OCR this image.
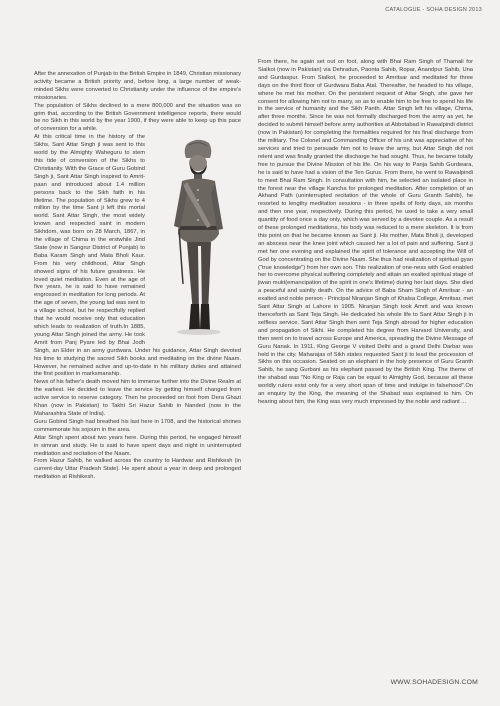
CATALOGUE - SOHA DESIGN 2013

After the annexation of Punjab to the British Empire in 1849, Christian missionary activity became a British priority and, before long, a large number of weak-minded Sikhs were converted to Christianity under the influence of the empire's missionaries.

The population of Sikhs declined to a mere 800,000 and the situation was so grim that, according to the British Government intelligence reports, there would be no Sikh in this world by the year 1900, if they were able to keep up this pace of conversion for a while.

At this critical time in the history of the Sikhs, Sant Attar Singh ji was sent to this world by the Almighty Waheguru to stem this tide of conversion of the Sikhs to Christianity. With the Grace of Guru Gobind Singh ji, Sant Attar Singh inspired to Amrit-paan and introduced about 1.4 million persons back to the Sikh faith in his lifetime. The population of Sikhs grew to 4 million by the time Sant ji left this mortal world. Sant Attar Singh, the most widely known and respected saint in modern Sikhdom, was born on 28 March, 1867, in the village of Chima in the erstwhile Jind State (now in Sangrur District of Punjab) to Baba Karam Singh and Mata Bholi Kaur. From his very childhood, Attar Singh showed signs of his future greatness. He loved quiet meditation. Even at the age of five years, he is said to have remained engrossed in meditation for long periods. At the age of seven, the young lad was sent to a village school, but he respectfully replied that he would receive only that education which leads to realization of truth.In 1885, young Attar Singh joined the army. He took Amrit from Panj Pyare led by Bhai Jodh Singh, an Elder in an army gurdwara. Under his guidance, Attar Singh devoted his time to studying the sacred Sikh books and meditating on the divine Naam. However, he remained active and up-to-date in his military duties and attained the first position in marksmanship.

News of his father's death moved him to immerse further into the Divine Realm at the earliest. He decided to leave the service by getting himself changed from active service to reserve category. Then he proceeded on foot from Dera Ghazi Khan (now in Pakistan) to Takht Sri Hazur Sahib in Nanded (now in the Maharashtra State of India).

Guru Gobind Singh had breathed his last here in 1708, and the historical shrines commemorate his sojourn in the area.

Attar Singh spent about two years here. During this period, he engaged himself in simran and study. He is said to have spent days and night in uninterrupted meditation and recitation of the Naam.

From Hazur Sahib, he walked across the country to Hardwar and Rishikesh (in current-day Uttar Pradesh State). He spent about a year in deep and prolonged meditation at Rishikesh.

From there, he again set out on foot, along with Bhai Ram Singh of Thamali for Sialkot (now in Pakistan) via Dehradun, Paonta Sahib, Ropar, Anandpur Sahib, Una and Gurdaspur. From Sialkot, he proceeded to Amritsar and meditated for three days on the third floor of Gurdwara Baba Atal. Thereafter, he headed to his village, where he met his mother. On the persistent request of Attar Singh, she gave her consent for allowing him not to marry, so as to enable him to be free to spend his life in the service of humanity and the Sikh Panth. Attar Singh left his village, Chima, after three months. Since he was not formally discharged from the army as yet, he decided to submit himself before army authorities at Abbotabad in Rawalpindi district (now in Pakistan) for completing the formalities required for his final discharge from the military. The Colonel and Commanding Officer of his unit was appreciative of his services and tried to persuade him not to leave the army, but Attar Singh did not relent and was finally granted the discharge he had sought. Thus, he became totally free to pursue the Divine Mission of his life. On his way to Panja Sahib Gurdwara, he is said to have had a vision of the Ten Gurus. From there, he went to Rawalpindi to meet Bhai Ram Singh. In consultation with him, he selected an isolated place in the forest near the village Kancha for prolonged meditation. After completion of an Akhand Path (uninterrupted recitation of the whole of Guru Granth Sahib), he resorted to lengthy meditation sessions - in three spells of forty days, six months and then one year, respectively. During this period, he used to take a very small quantity of food once a day only, which was served by a devotee couple. As a result of these prolonged meditations, his body was reduced to a mere skeleton. It is from this point on that he became known as Sant ji. His mother, Mata Bholi ji, developed an abscess near the knee joint which caused her a lot of pain and suffering. Sant ji met her one evening and explained the spirit of tolerance and accepting the Will of God by concentrating on the Divine Naam. She thus had realization of spiritual gyan ("true knowledge") from her own son. This realization of one-ness with God enabled her to overcome physical suffering completely and attain an exalted spiritual stage of jiwan mukt(emancipation of the spirit in one's lifetime) during her last days. She died a peaceful and saintly death. On the advice of Baba Sham Singh of Amritsar - an exalted and noble person - Principal Niranjan Singh of Khalsa College, Amritsar, met Sant Attar Singh at Lahore in 1905. Niranjan Singh took Amrit and was known thenceforth as Sant Teja Singh. He dedicated his whole life to Sant Attar Singh ji in selfless service. Sant Attar Singh then sent Teja Singh abroad for higher education and propagation of Sikhi. He completed his degree from Harvard University, and then went on to travel across Europe and America, spreading the Divine Message of Guru Nanak. In 1911, King George V visited Delhi and a grand Delhi Darbar was held in the city. Maharajas of Sikh states requested Sant ji to lead the procession of Sikhs on this occasion. Seated on an elephant in the holy presence of Guru Granth Sahib, he sang Gurbani as his elephant passed by the British King. The theme of the shabad was "No King or Raja can be equal to Almighty God, because all these worldly rulers exist only for a very short span of time and indulge in falsehood".On an enquiry by the King, the meaning of the Shabad was explained to him. On hearing about him, the King was very much impressed by the noble and radiant ...

WWW.SOHADESIGN.COM
